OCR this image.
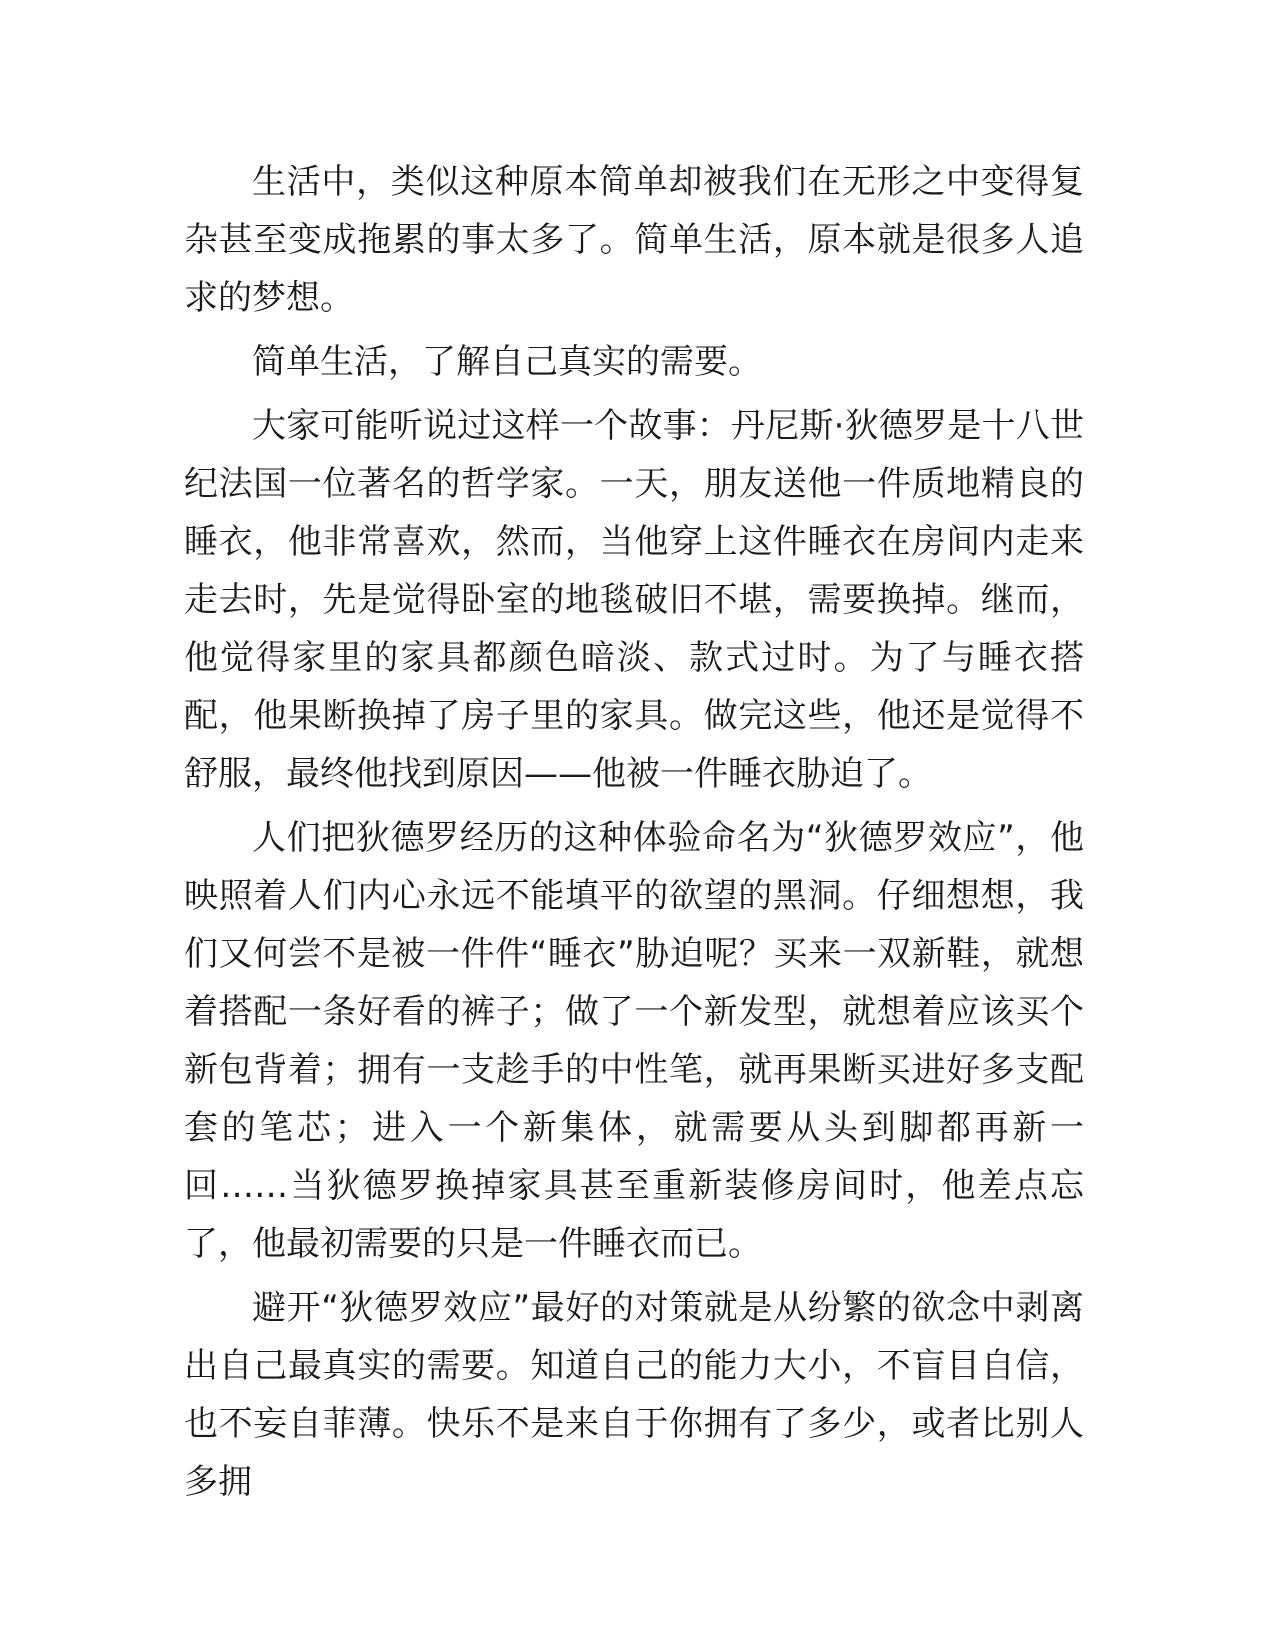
生活中，类似这种原本简单却被我们在无形之中变得复杂甚至变成拖累的事太多了。简单生活，原本就是很多人追求的梦想。

简单生活，了解自己真实的需要。

大家可能听说过这样一个故事：丹尼斯·狄德罗是十八世纪法国一位著名的哲学家。一天，朋友送他一件质地精良的睡衣，他非常喜欢，然而，当他穿上这件睡衣在房间内走来走去时，先是觉得卧室的地毯破旧不堪，需要换掉。继而，他觉得家里的家具都颜色暗淡、款式过时。为了与睡衣搭配，他果断换掉了房子里的家具。做完这些，他还是觉得不舒服，最终他找到原因——他被一件睡衣胁迫了。

人们把狄德罗经历的这种体验命名为“狄德罗效应”，他映照着人们内心永远不能填平的欲望的黑洞。仔细想想，我们又何尝不是被一件件“睡衣”胁迫呢？买来一双新鞋，就想着搭配一条好看的裤子；做了一个新发型，就想着应该买个新包背着；拥有一支趁手的中性笔，就再果断买进好多支配套的笔芯；进入一个新集体，就需要从头到脚都再新一回……当狄德罗换掉家具甚至重新装修房间时，他差点忘了，他最初需要的只是一件睡衣而已。

避开“狄德罗效应”最好的对策就是从纷繁的欲念中剥离出自己最真实的需要。知道自己的能力大小，不盲目自信，也不妄自菲薄。快乐不是来自于你拥有了多少，或者比别人多拥
